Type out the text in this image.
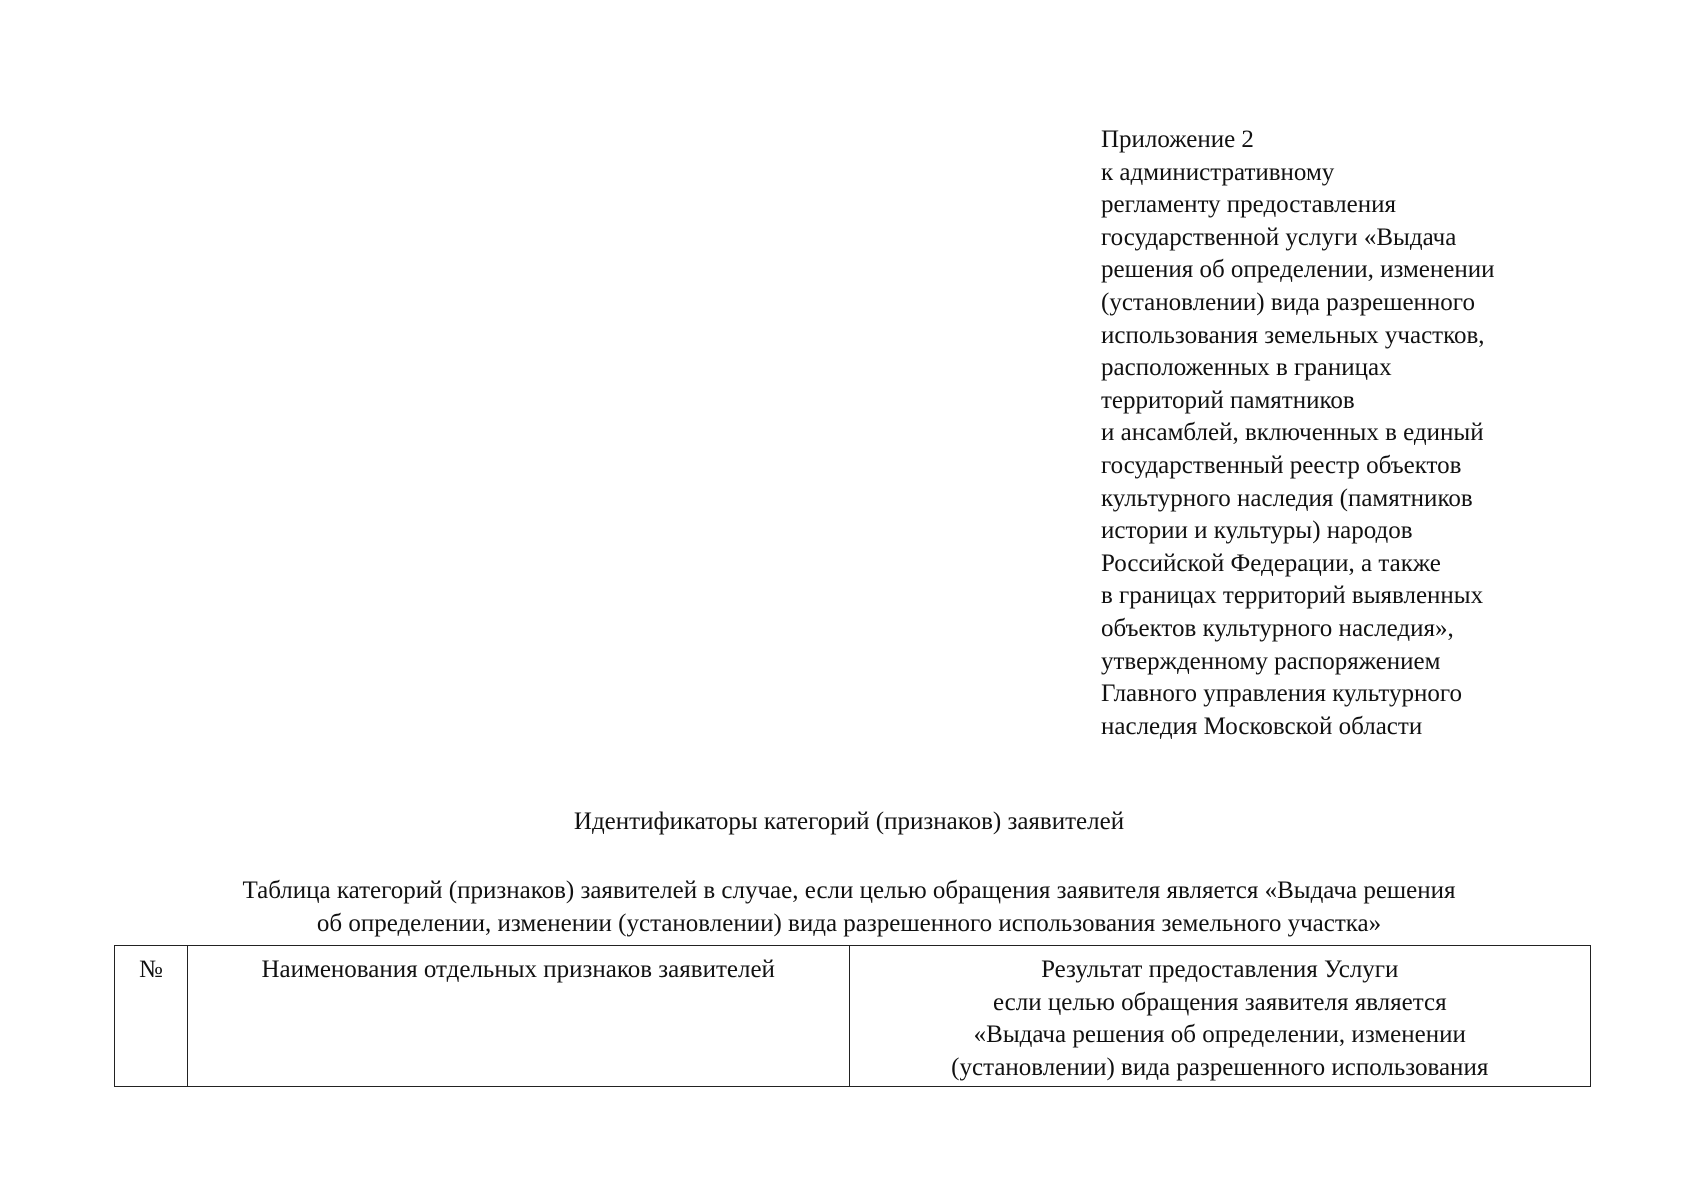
Приложение 2
к административному
регламенту предоставления
государственной услуги «Выдача
решения об определении, изменении
(установлении) вида разрешенного
использования земельных участков,
расположенных в границах
территорий памятников
и ансамблей, включенных в единый
государственный реестр объектов
культурного наследия (памятников
истории и культуры) народов
Российской Федерации, а также
в границах территорий выявленных
объектов культурного наследия»,
утвержденному распоряжением
Главного управления культурного
наследия Московской области
Идентификаторы категорий (признаков) заявителей
Таблица категорий (признаков) заявителей в случае, если целью обращения заявителя является «Выдача решения
об определении, изменении (установлении) вида разрешенного использования земельного участка»
№	Наименования отдельных признаков заявителей	Результат предоставления Услуги
если целью обращения заявителя является
«Выдача решения об определении, изменении
(установлении) вида разрешенного использования
